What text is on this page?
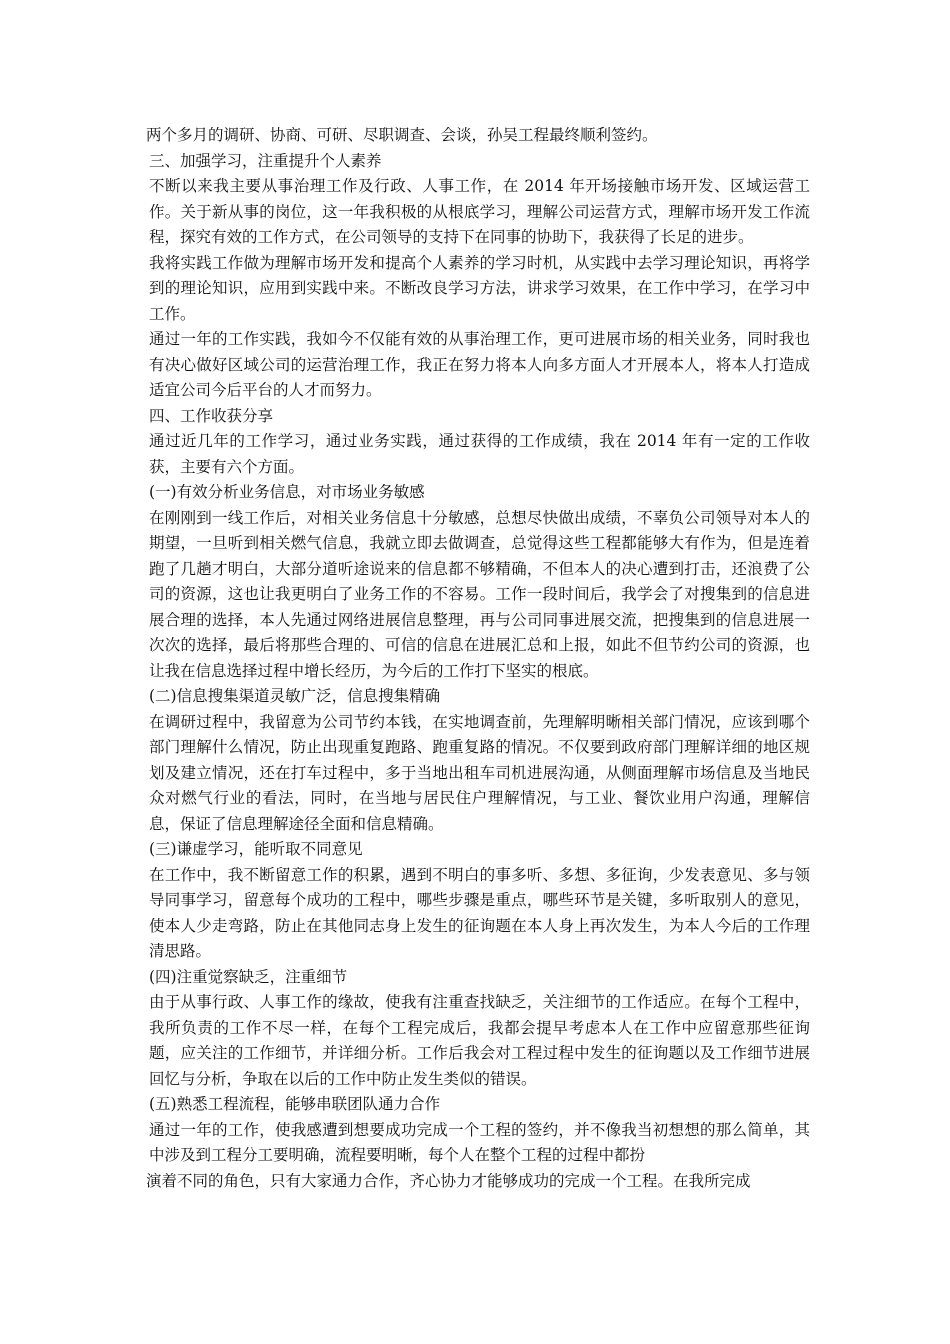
两个多月的调研、协商、可研、尽职调查、会谈，孙吴工程最终顺利签约。

三、加强学习，注重提升个人素养

不断以来我主要从事治理工作及行政、人事工作，在 2014 年开场接触市场开发、区域运营工作。关于新从事的岗位，这一年我积极的从根底学习，理解公司运营方式，理解市场开发工作流程，探究有效的工作方式，在公司领导的支持下在同事的协助下，我获得了长足的进步。

我将实践工作做为理解市场开发和提高个人素养的学习时机，从实践中去学习理论知识，再将学到的理论知识，应用到实践中来。不断改良学习方法，讲求学习效果，在工作中学习，在学习中工作。

通过一年的工作实践，我如今不仅能有效的从事治理工作，更可进展市场的相关业务，同时我也有决心做好区域公司的运营治理工作，我正在努力将本人向多方面人才开展本人，将本人打造成适宜公司今后平台的人才而努力。

四、工作收获分享

通过近几年的工作学习，通过业务实践，通过获得的工作成绩，我在 2014 年有一定的工作收获，主要有六个方面。

(一)有效分析业务信息，对市场业务敏感

在刚刚到一线工作后，对相关业务信息十分敏感，总想尽快做出成绩，不辜负公司领导对本人的期望，一旦听到相关燃气信息，我就立即去做调查，总觉得这些工程都能够大有作为，但是连着跑了几趟才明白，大部分道听途说来的信息都不够精确，不但本人的决心遭到打击，还浪费了公司的资源，这也让我更明白了业务工作的不容易。工作一段时间后，我学会了对搜集到的信息进展合理的选择，本人先通过网络进展信息整理，再与公司同事进展交流，把搜集到的信息进展一次次的选择，最后将那些合理的、可信的信息在进展汇总和上报，如此不但节约公司的资源，也让我在信息选择过程中增长经历，为今后的工作打下坚实的根底。

(二)信息搜集渠道灵敏广泛，信息搜集精确

在调研过程中，我留意为公司节约本钱，在实地调查前，先理解明晰相关部门情况，应该到哪个部门理解什么情况，防止出现重复跑路、跑重复路的情况。不仅要到政府部门理解详细的地区规划及建立情况，还在打车过程中，多于当地出租车司机进展沟通，从侧面理解市场信息及当地民众对燃气行业的看法，同时，在当地与居民住户理解情况，与工业、餐饮业用户沟通，理解信息，保证了信息理解途径全面和信息精确。

(三)谦虚学习，能听取不同意见

在工作中，我不断留意工作的积累，遇到不明白的事多听、多想、多征询，少发表意见、多与领导同事学习，留意每个成功的工程中，哪些步骤是重点，哪些环节是关键，多听取别人的意见，使本人少走弯路，防止在其他同志身上发生的征询题在本人身上再次发生，为本人今后的工作理清思路。

(四)注重觉察缺乏，注重细节

由于从事行政、人事工作的缘故，使我有注重查找缺乏，关注细节的工作适应。在每个工程中，我所负责的工作不尽一样，在每个工程完成后，我都会提早考虑本人在工作中应留意那些征询题，应关注的工作细节，并详细分析。工作后我会对工程过程中发生的征询题以及工作细节进展回忆与分析，争取在以后的工作中防止发生类似的错误。

(五)熟悉工程流程，能够串联团队通力合作

通过一年的工作，使我感遭到想要成功完成一个工程的签约，并不像我当初想想的那么简单，其中涉及到工程分工要明确，流程要明晰，每个人在整个工程的过程中都扮

演着不同的角色，只有大家通力合作，齐心协力才能够成功的完成一个工程。在我所完成
